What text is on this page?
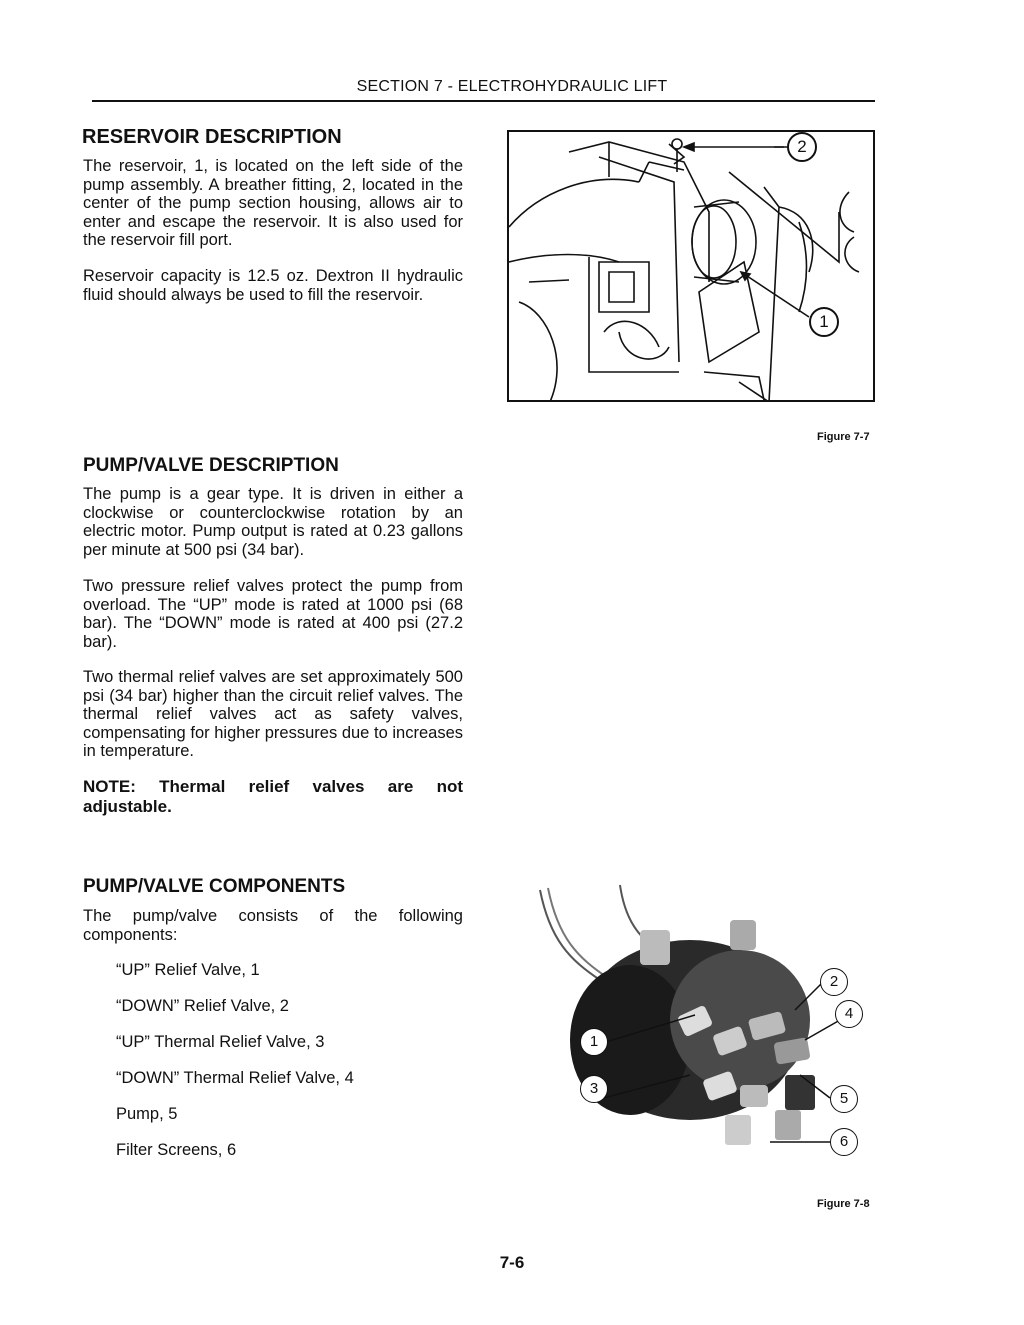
SECTION 7 - ELECTROHYDRAULIC LIFT
RESERVOIR DESCRIPTION

The reservoir, 1, is located on the left side of the pump assembly. A breather fitting, 2, located in the center of the pump section housing, allows air to enter and escape the reservoir. It is also used for the reservoir fill port.

Reservoir capacity is 12.5 oz. Dextron II hydraulic fluid should always be used to fill the reservoir.

PUMP/VALVE DESCRIPTION

The pump is a gear type. It is driven in either a clockwise or counterclockwise rotation by an electric motor. Pump output is rated at 0.23 gallons per minute at 500 psi (34 bar).

Two pressure relief valves protect the pump from overload. The “UP” mode is rated at 1000 psi (68 bar). The “DOWN” mode is rated at 400 psi (27.2 bar).

Two thermal relief valves are set approximately 500 psi (34 bar) higher than the circuit relief valves. The thermal relief valves act as safety valves, compensating for higher pressures due to increases in temperature.

NOTE: Thermal relief valves are not adjustable.

PUMP/VALVE COMPONENTS

The pump/valve consists of the following components:

“UP” Relief Valve, 1
“DOWN” Relief Valve, 2
“UP” Thermal Relief Valve, 3
“DOWN” Thermal Relief Valve, 4
Pump, 5
Filter Screens, 6
2
1
Figure 7-7
1
2
3
4
5
6
Figure 7-8
7-6
